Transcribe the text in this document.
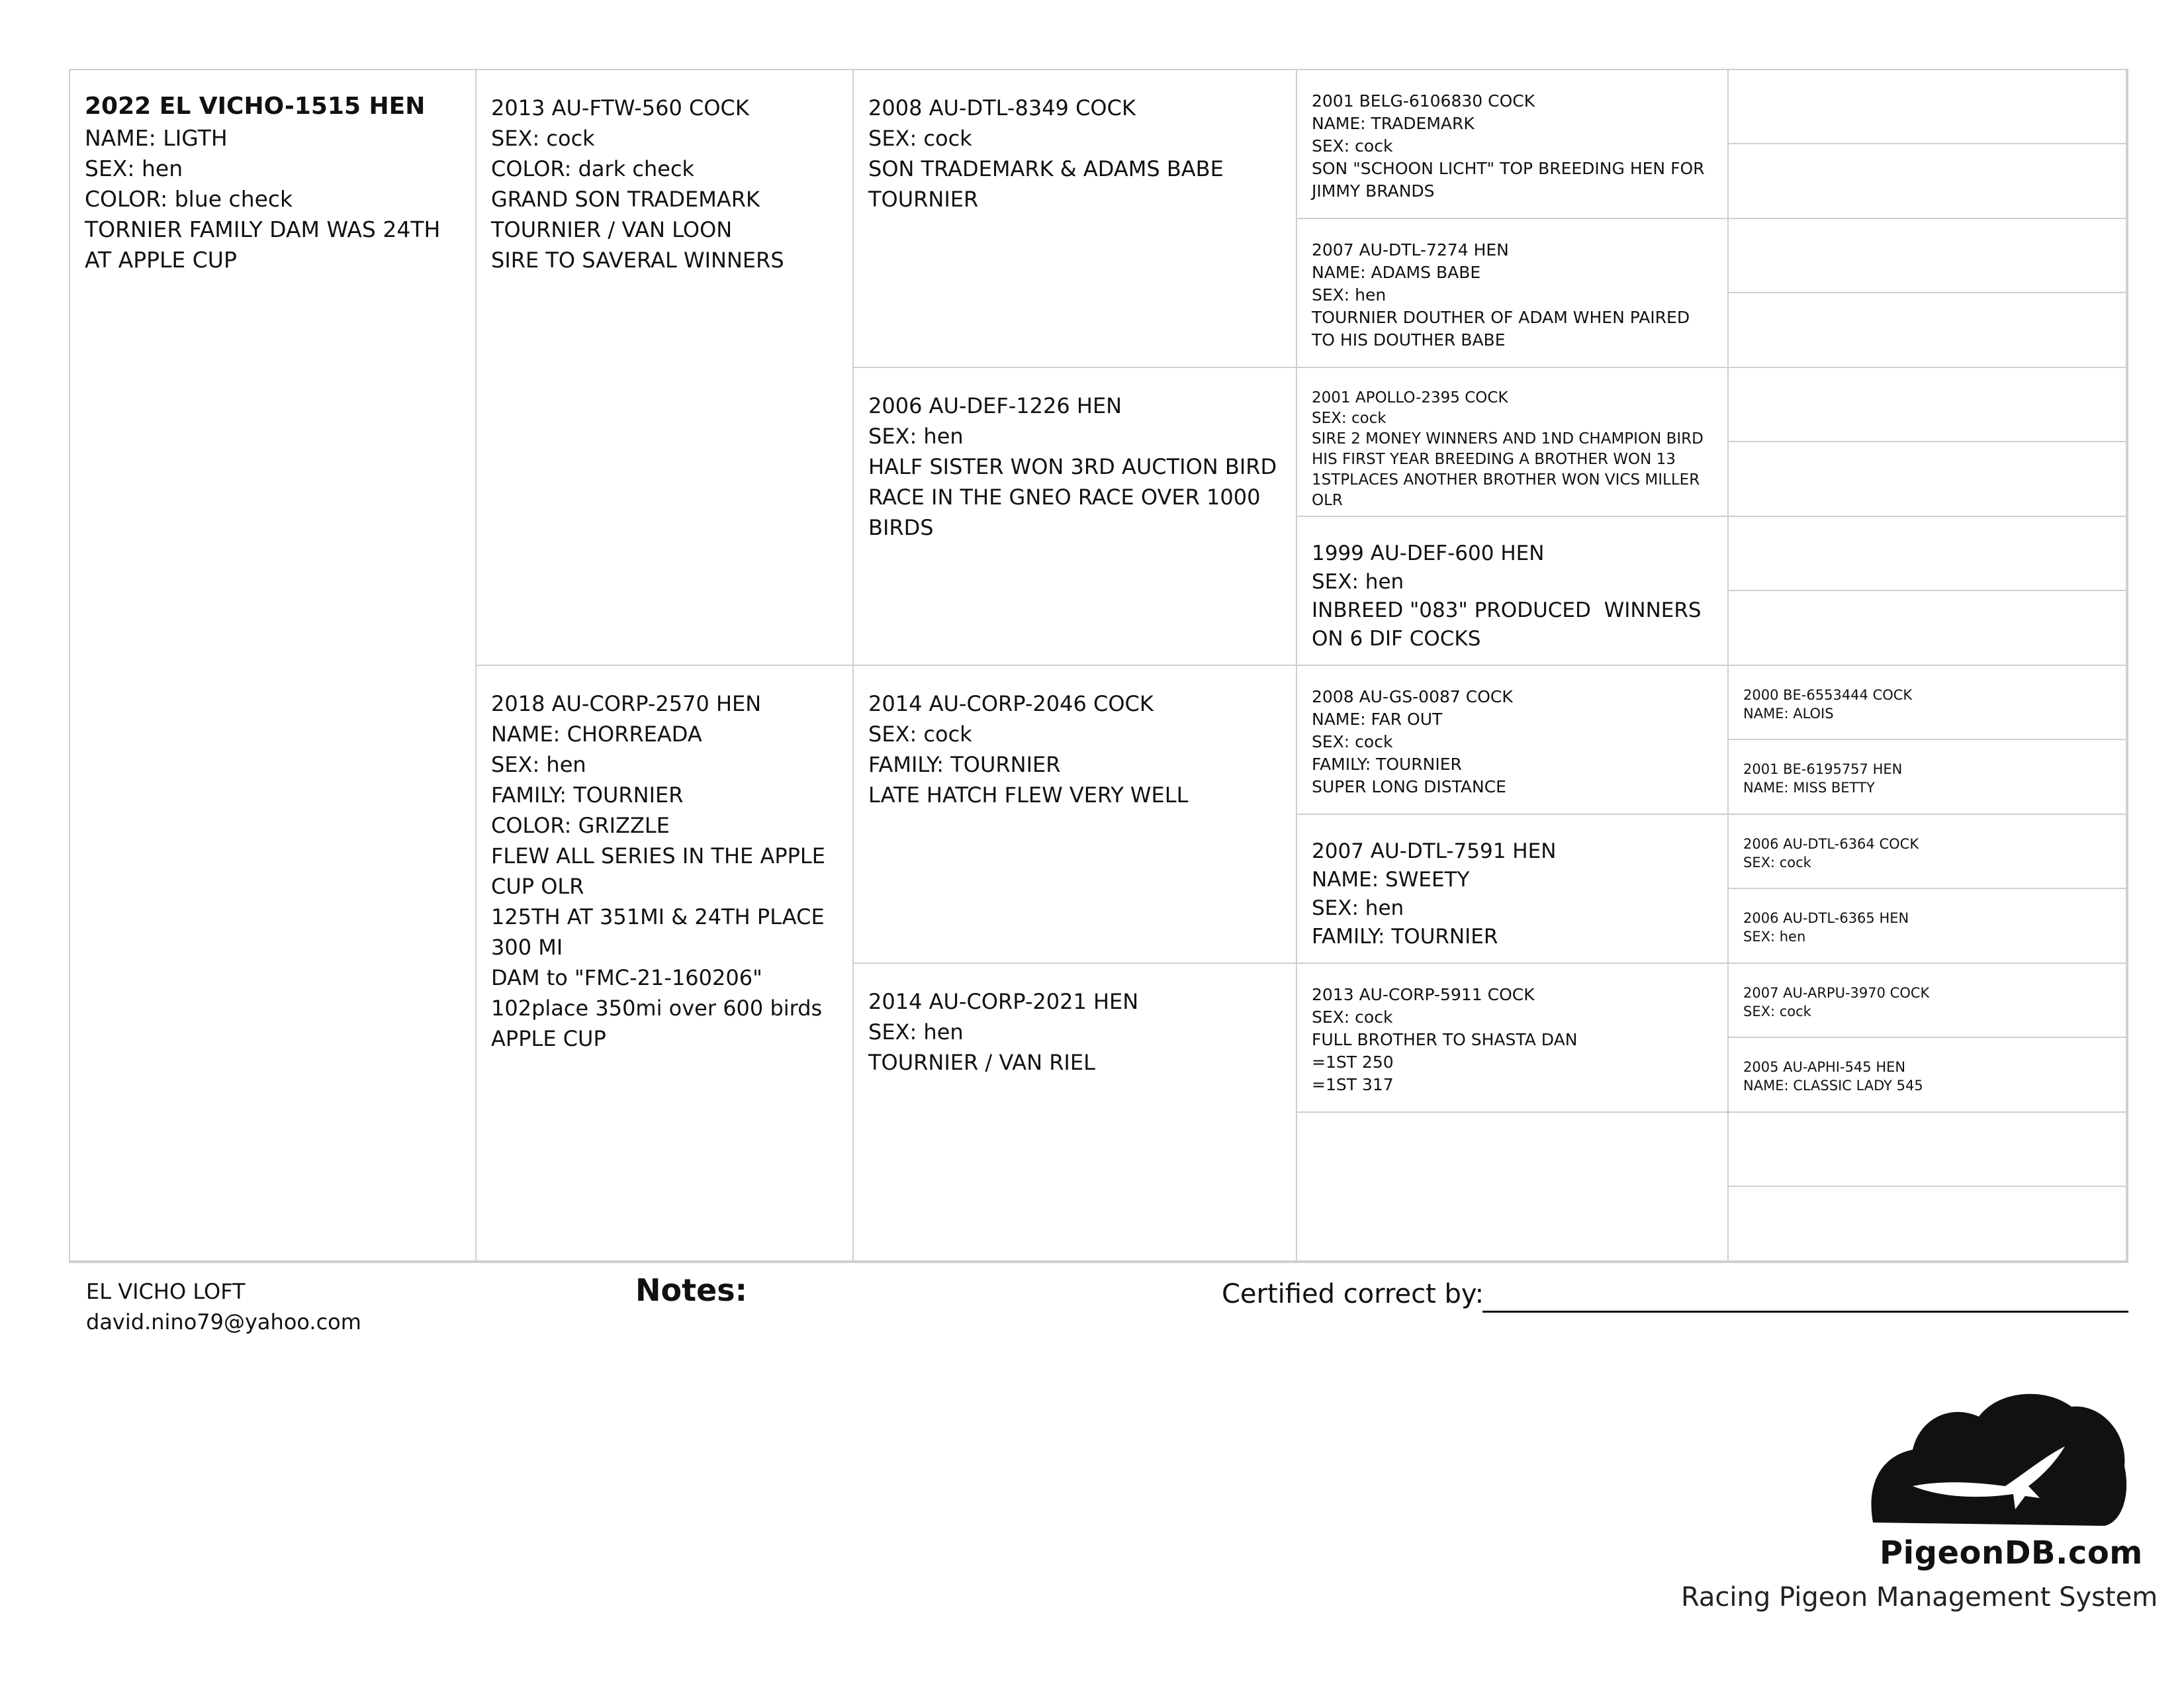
2022 EL VICHO-1515 HEN
NAME: LIGTH
SEX: hen
COLOR: blue check
TORNIER FAMILY DAM WAS 24TH AT APPLE CUP
2013 AU-FTW-560 COCK
SEX: cock
COLOR: dark check
GRAND SON TRADEMARK
TOURNIER / VAN LOON
SIRE TO SAVERAL WINNERS
2018 AU-CORP-2570 HEN
NAME: CHORREADA
SEX: hen
FAMILY: TOURNIER
COLOR: GRIZZLE
FLEW ALL SERIES IN THE APPLE CUP OLR
125TH AT 351MI & 24TH PLACE 300 MI
DAM to "FMC-21-160206" 102place 350mi over 600 birds
APPLE CUP
2008 AU-DTL-8349 COCK
SEX: cock
SON TRADEMARK & ADAMS BABE
TOURNIER
2006 AU-DEF-1226 HEN
SEX: hen
HALF SISTER WON 3RD AUCTION BIRD RACE IN THE GNEO RACE OVER 1000 BIRDS
2014 AU-CORP-2046 COCK
SEX: cock
FAMILY: TOURNIER
LATE HATCH FLEW VERY WELL
2014 AU-CORP-2021 HEN
SEX: hen
TOURNIER / VAN RIEL
2001 BELG-6106830 COCK
NAME: TRADEMARK
SEX: cock
SON "SCHOON LICHT" TOP BREEDING HEN FOR JIMMY BRANDS
2007 AU-DTL-7274 HEN
NAME: ADAMS BABE
SEX: hen
TOURNIER DOUTHER OF ADAM WHEN PAIRED TO HIS DOUTHER BABE
2001 APOLLO-2395 COCK
SEX: cock
SIRE 2 MONEY WINNERS AND 1ND CHAMPION BIRD HIS FIRST YEAR BREEDING A BROTHER WON 13 1STPLACES ANOTHER BROTHER WON VICS MILLER OLR
1999 AU-DEF-600 HEN
SEX: hen
INBREED "083" PRODUCED  WINNERS ON 6 DIF COCKS
2008 AU-GS-0087 COCK
NAME: FAR OUT
SEX: cock
FAMILY: TOURNIER
SUPER LONG DISTANCE
2007 AU-DTL-7591 HEN
NAME: SWEETY
SEX: hen
FAMILY: TOURNIER
2013 AU-CORP-5911 COCK
SEX: cock
FULL BROTHER TO SHASTA DAN
=1ST 250
=1ST 317
2000 BE-6553444 COCK
NAME: ALOIS
2001 BE-6195757 HEN
NAME: MISS BETTY
2006 AU-DTL-6364 COCK
SEX: cock
2006 AU-DTL-6365 HEN
SEX: hen
2007 AU-ARPU-3970 COCK
SEX: cock
2005 AU-APHI-545 HEN
NAME: CLASSIC LADY 545
EL VICHO LOFT
david.nino79@yahoo.com
Notes:	Certified correct by:
PigeonDB.com
Racing Pigeon Management System
